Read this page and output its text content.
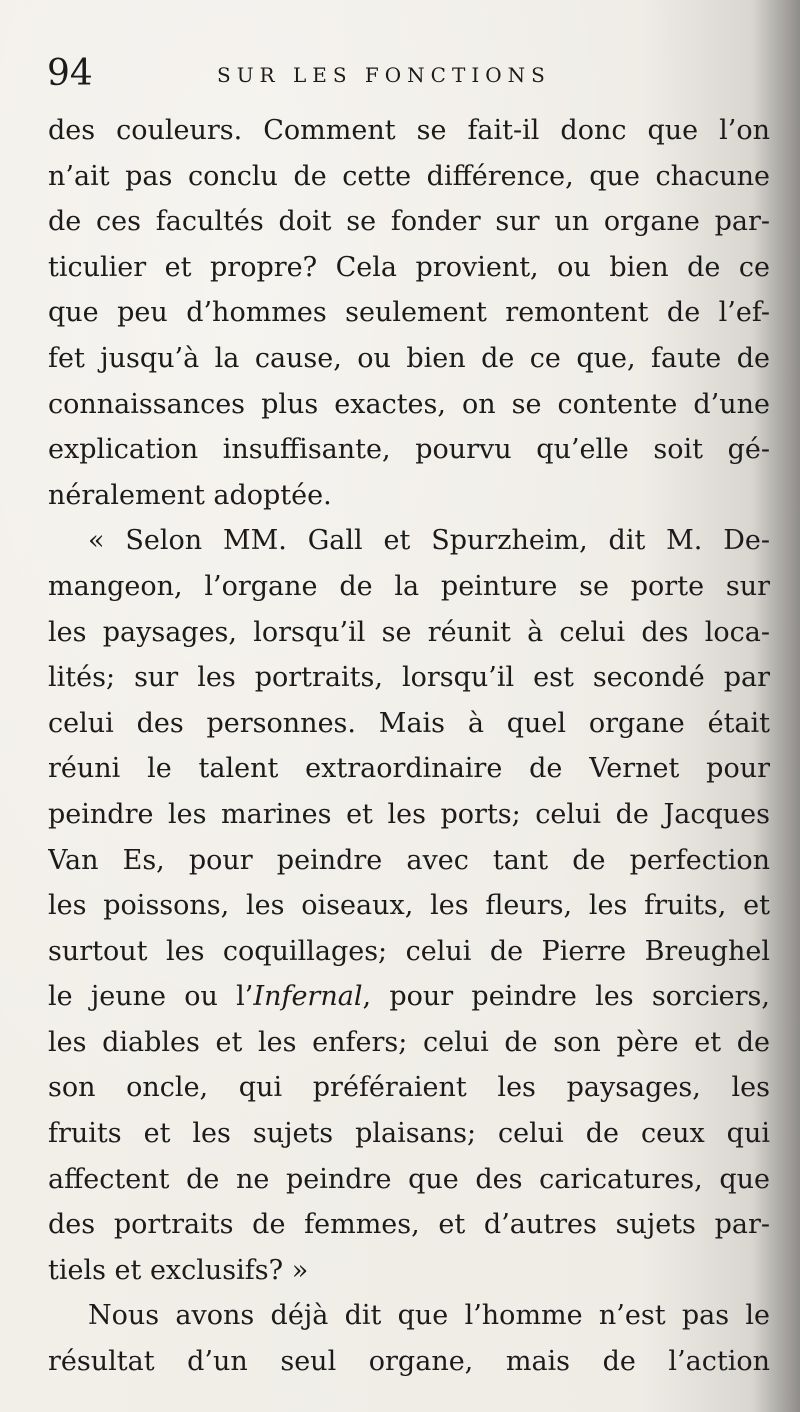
94	SUR LES FONCTIONS
des couleurs. Comment se fait-il donc que l’on
n’ait pas conclu de cette différence, que chacune
de ces facultés doit se fonder sur un organe par-
ticulier et propre? Cela provient, ou bien de ce
que peu d’hommes seulement remontent de l’ef-
fet jusqu’à la cause, ou bien de ce que, faute de
connaissances plus exactes, on se contente d’une
explication insuffisante, pourvu qu’elle soit gé-
néralement adoptée.
« Selon MM. Gall et Spurzheim, dit M. De-
mangeon, l’organe de la peinture se porte sur
les paysages, lorsqu’il se réunit à celui des loca-
lités; sur les portraits, lorsqu’il est secondé par
celui des personnes. Mais à quel organe était
réuni le talent extraordinaire de Vernet pour
peindre les marines et les ports; celui de Jacques
Van Es, pour peindre avec tant de perfection
les poissons, les oiseaux, les fleurs, les fruits, et
surtout les coquillages; celui de Pierre Breughel
le jeune ou l’Infernal, pour peindre les sorciers,
les diables et les enfers; celui de son père et de
son oncle, qui préféraient les paysages, les
fruits et les sujets plaisans; celui de ceux qui
affectent de ne peindre que des caricatures, que
des portraits de femmes, et d’autres sujets par-
tiels et exclusifs? »
Nous avons déjà dit que l’homme n’est pas le
résultat d’un seul organe, mais de l’action
